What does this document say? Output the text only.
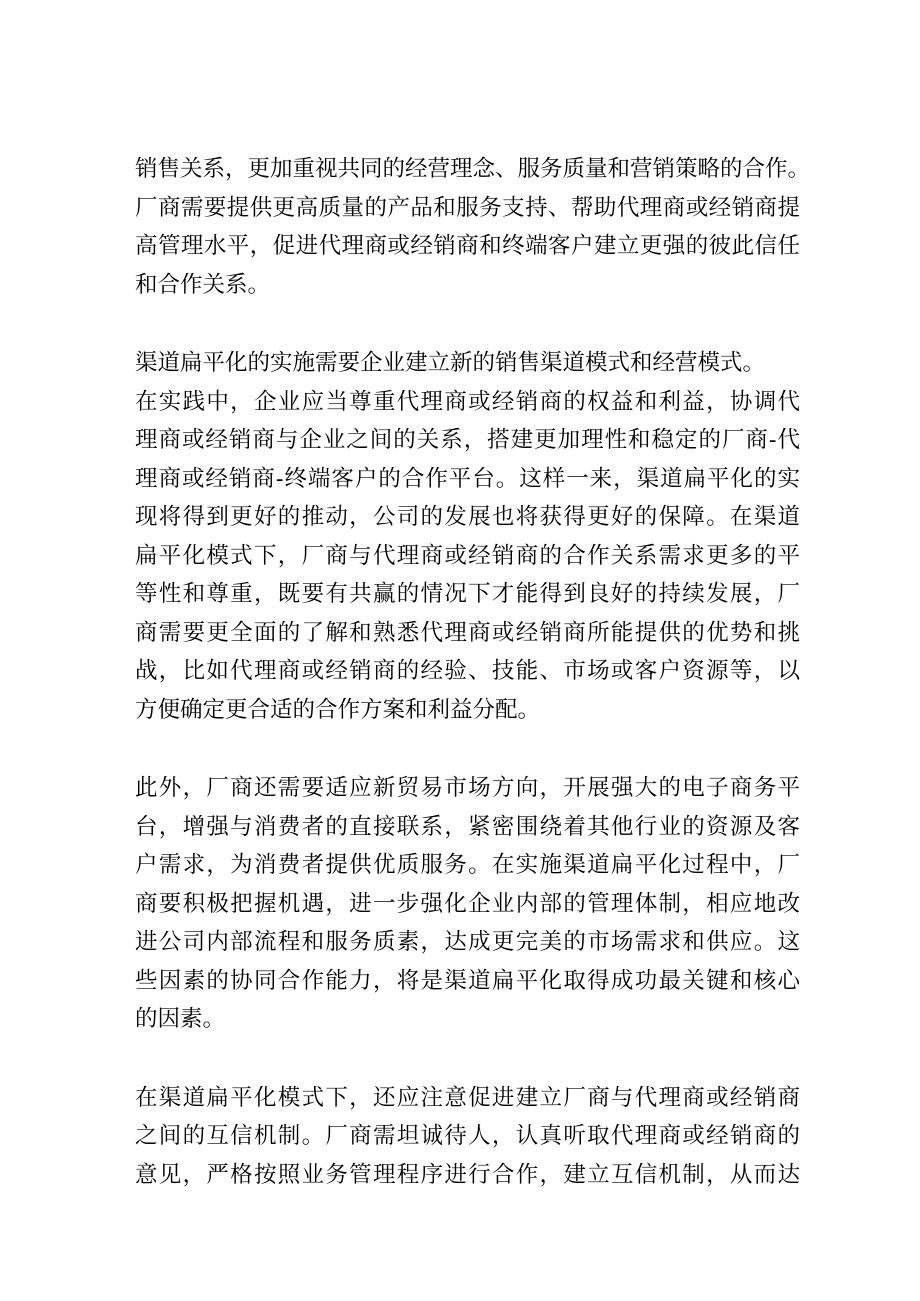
销售关系，更加重视共同的经营理念、服务质量和营销策略的合作。
厂商需要提供更高质量的产品和服务支持、帮助代理商或经销商提
高管理水平，促进代理商或经销商和终端客户建立更强的彼此信任
和合作关系。
渠道扁平化的实施需要企业建立新的销售渠道模式和经营模式。
在实践中，企业应当尊重代理商或经销商的权益和利益，协调代
理商或经销商与企业之间的关系，搭建更加理性和稳定的厂商-代
理商或经销商-终端客户的合作平台。这样一来，渠道扁平化的实
现将得到更好的推动，公司的发展也将获得更好的保障。在渠道
扁平化模式下，厂商与代理商或经销商的合作关系需求更多的平
等性和尊重，既要有共赢的情况下才能得到良好的持续发展，厂
商需要更全面的了解和熟悉代理商或经销商所能提供的优势和挑
战，比如代理商或经销商的经验、技能、市场或客户资源等，以
方便确定更合适的合作方案和利益分配。
此外，厂商还需要适应新贸易市场方向，开展强大的电子商务平
台，增强与消费者的直接联系，紧密围绕着其他行业的资源及客
户需求，为消费者提供优质服务。在实施渠道扁平化过程中，厂
商要积极把握机遇，进一步强化企业内部的管理体制，相应地改
进公司内部流程和服务质素，达成更完美的市场需求和供应。这
些因素的协同合作能力，将是渠道扁平化取得成功最关键和核心
的因素。
在渠道扁平化模式下，还应注意促进建立厂商与代理商或经销商
之间的互信机制。厂商需坦诚待人，认真听取代理商或经销商的
意见，严格按照业务管理程序进行合作，建立互信机制，从而达
